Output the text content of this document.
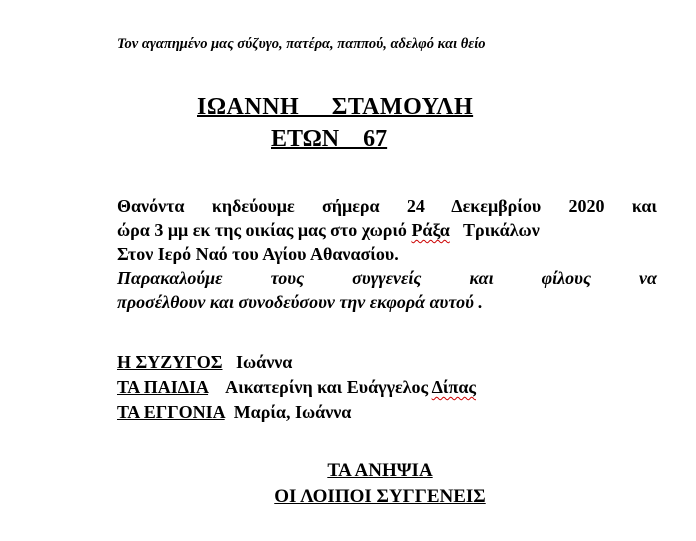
Τον αγαπημένο μας σύζυγο, πατέρα, παππού, αδελφό και θείο
ΙΩΑΝΝΗ     ΣΤΑΜΟΥΛΗ
ΕΤΩΝ    67
Θανόντα κηδεύουμε σήμερα 24 Δεκεμβρίου 2020 και
ώρα 3 μμ εκ της οικίας μας στο χωριό Ράξα   Τρικάλων
Στον Ιερό Ναό του Αγίου Αθανασίου.
Παρακαλούμε τους συγγενείς και φίλους να
προσέλθουν και συνοδεύσουν την εκφορά αυτού .
Η ΣΥΖΥΓΟΣ Ιωάννα
ΤΑ ΠΑΙΔΙΑ Αικατερίνη και Ευάγγελος Δίπας
ΤΑ ΕΓΓΟΝΙΑ Μαρία, Ιωάννα
ΤΑ ΑΝΗΨΙΑ
ΟΙ ΛΟΙΠΟΙ ΣΥΓΓΕΝΕΙΣ
